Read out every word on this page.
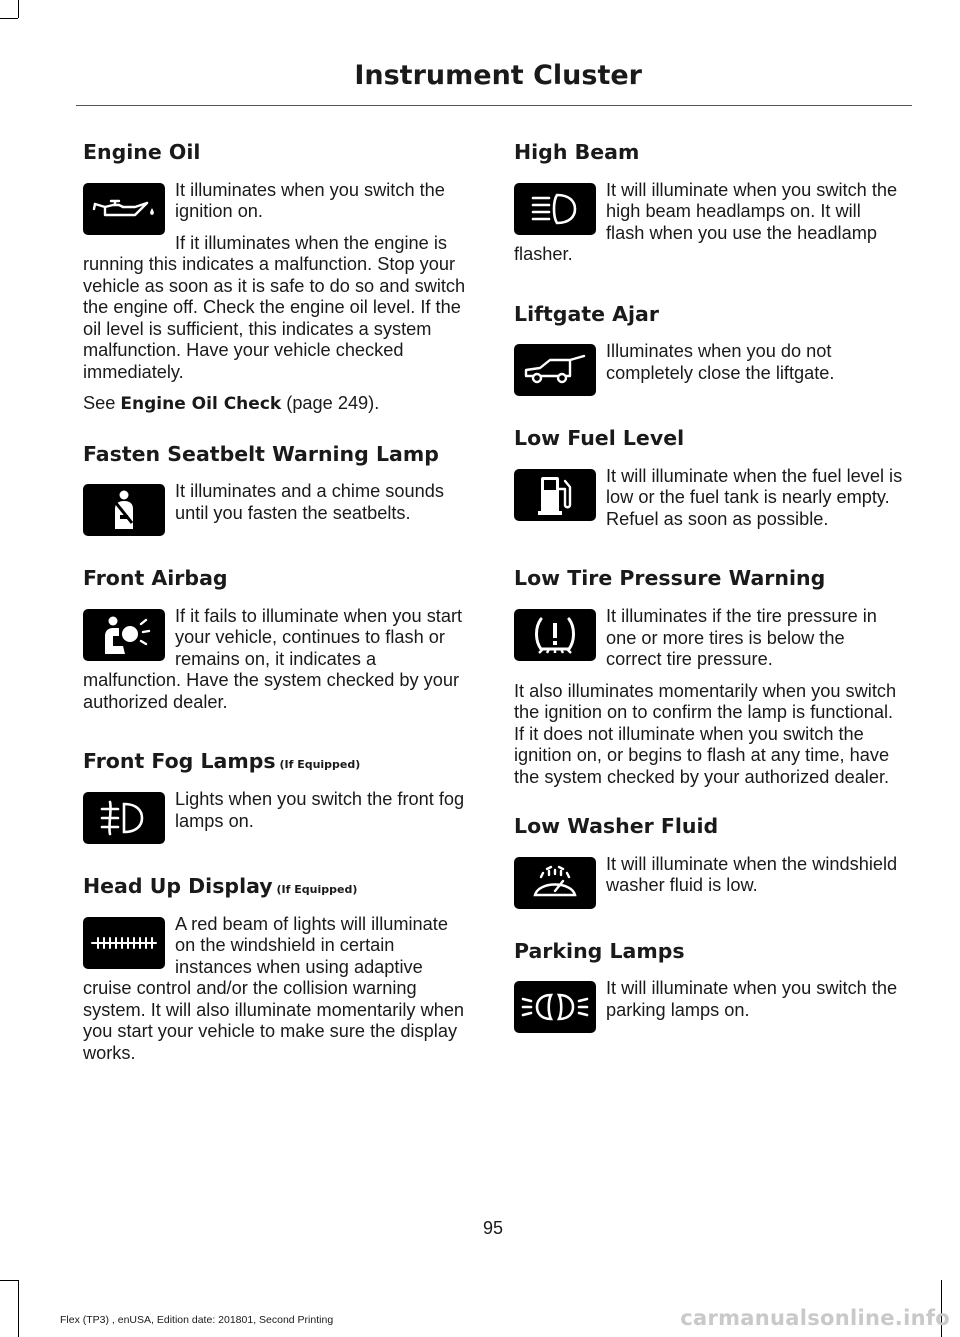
Instrument Cluster
Engine Oil

It illuminates when you switch the ignition on.

If it illuminates when the engine is running this indicates a malfunction. Stop your vehicle as soon as it is safe to do so and switch the engine off. Check the engine oil level. If the oil level is sufficient, this indicates a system malfunction. Have your vehicle checked immediately.

See Engine Oil Check (page 249).

Fasten Seatbelt Warning Lamp

It illuminates and a chime sounds until you fasten the seatbelts.

Front Airbag

If it fails to illuminate when you start your vehicle, continues to flash or remains on, it indicates a malfunction. Have the system checked by your authorized dealer.

Front Fog Lamps (If Equipped)

Lights when you switch the front fog lamps on.

Head Up Display (If Equipped)

A red beam of lights will illuminate on the windshield in certain instances when using adaptive cruise control and/or the collision warning system. It will also illuminate momentarily when you start your vehicle to make sure the display works.

High Beam

It will illuminate when you switch the high beam headlamps on. It will flash when you use the headlamp flasher.

Liftgate Ajar

Illuminates when you do not completely close the liftgate.

Low Fuel Level

It will illuminate when the fuel level is low or the fuel tank is nearly empty. Refuel as soon as possible.

Low Tire Pressure Warning

It illuminates if the tire pressure in one or more tires is below the correct tire pressure.

It also illuminates momentarily when you switch the ignition on to confirm the lamp is functional. If it does not illuminate when you switch the ignition on, or begins to flash at any time, have the system checked by your authorized dealer.

Low Washer Fluid

It will illuminate when the windshield washer fluid is low.

Parking Lamps

It will illuminate when you switch the parking lamps on.

95
Flex (TP3) , enUSA, Edition date: 201801, Second Printing	carmanualsonline.info
